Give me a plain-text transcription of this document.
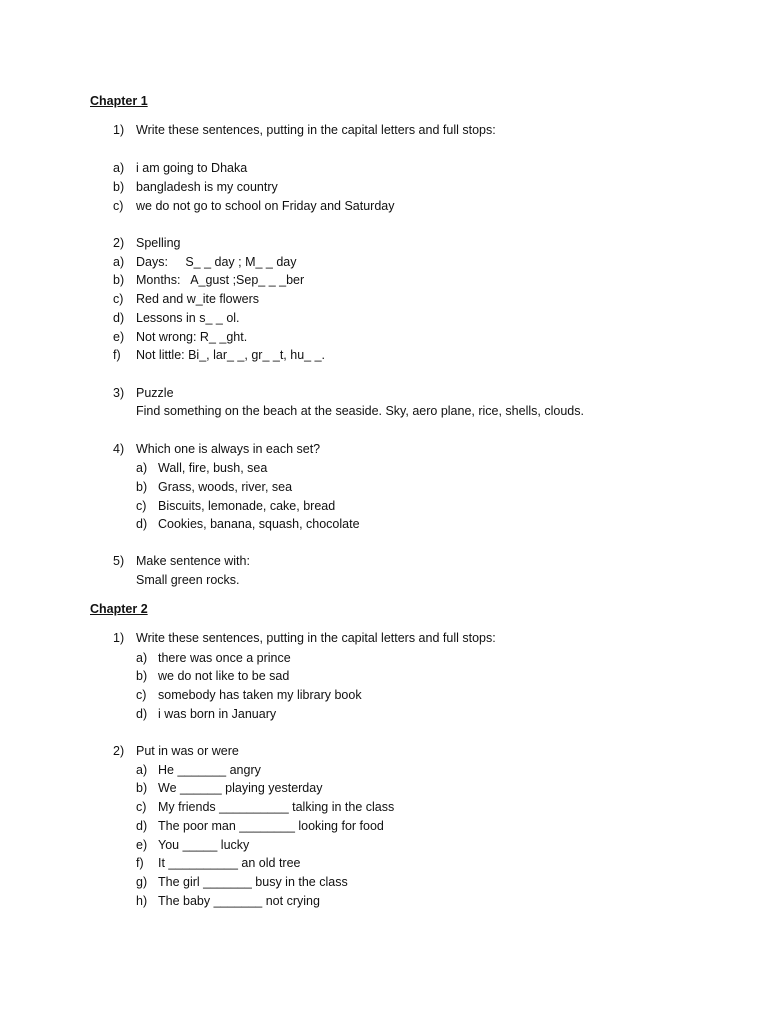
Chapter 1
1) Write these sentences, putting in the capital letters and full stops:
a) i am going to Dhaka
b) bangladesh is my country
c) we do not go to school on Friday and Saturday
2) Spelling
a) Days:     S_ _ day ; M_ _ day
b) Months:   A_gust ;Sep_ _ _ber
c) Red and w_ite flowers
d) Lessons in s_ _ ol.
e) Not wrong: R_ _ght.
f) Not little: Bi_, lar_ _, gr_ _t, hu_ _.
3) Puzzle
Find something on the beach at the seaside. Sky, aero plane, rice, shells, clouds.
4) Which one is always in each set?
a) Wall, fire, bush, sea
b) Grass, woods, river, sea
c) Biscuits, lemonade, cake, bread
d) Cookies, banana, squash, chocolate
5) Make sentence with:
Small green rocks.
Chapter 2
1) Write these sentences, putting in the capital letters and full stops:
a) there was once a prince
b) we do not like to be sad
c) somebody has taken my library book
d) i was born in January
2) Put in was or were
a) He _______ angry
b) We ______ playing yesterday
c) My friends __________ talking in the class
d) The poor man ________ looking for food
e) You _____ lucky
f) It __________ an old tree
g) The girl _______ busy in the class
h) The baby _______ not crying
